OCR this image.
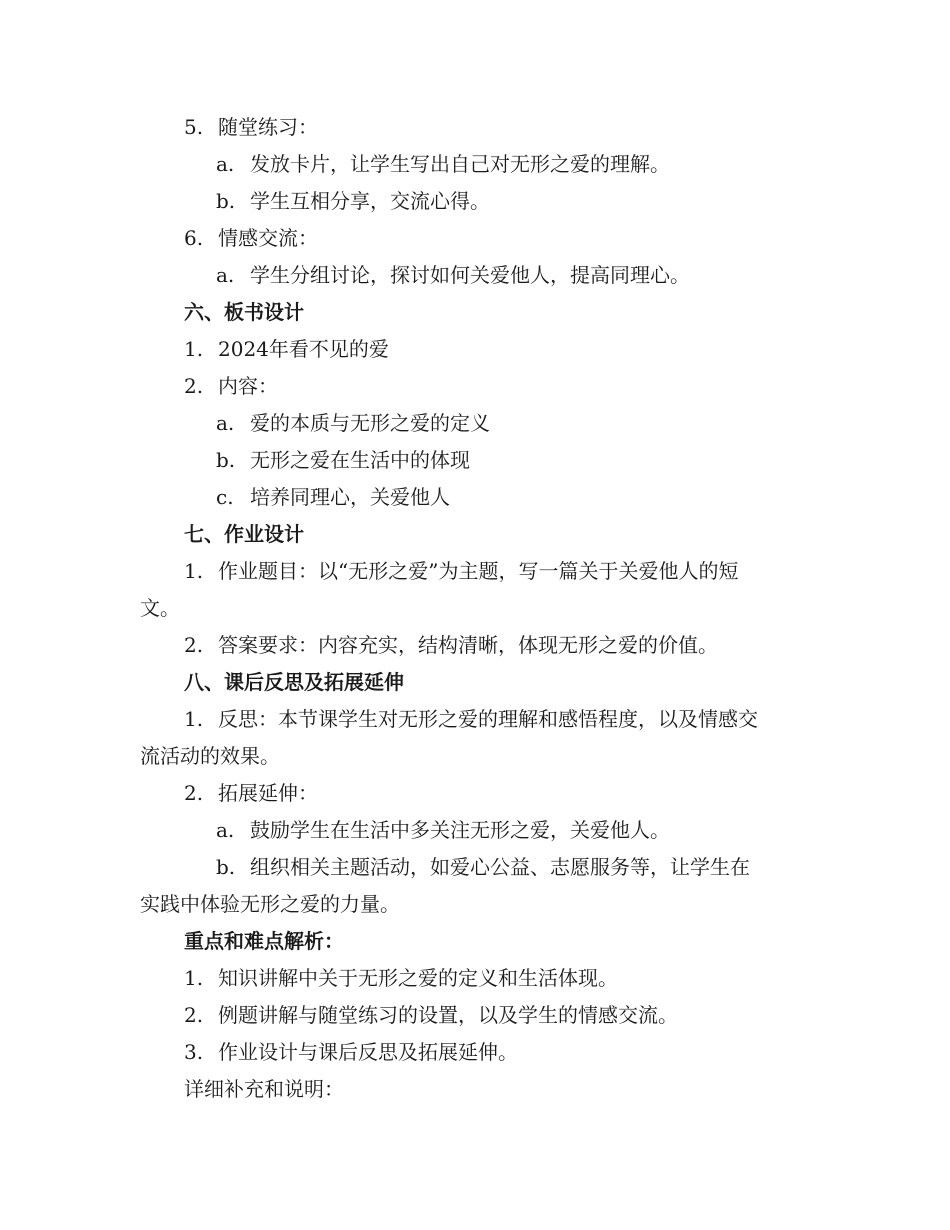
5. 随堂练习：
a. 发放卡片，让学生写出自己对无形之爱的理解。
b. 学生互相分享，交流心得。
6. 情感交流：
a. 学生分组讨论，探讨如何关爱他人，提高同理心。
六、板书设计
1. 2024年看不见的爱
2. 内容：
a. 爱的本质与无形之爱的定义
b. 无形之爱在生活中的体现
c. 培养同理心，关爱他人
七、作业设计
1. 作业题目：以“无形之爱”为主题，写一篇关于关爱他人的短
文。
2. 答案要求：内容充实，结构清晰，体现无形之爱的价值。
八、课后反思及拓展延伸
1. 反思：本节课学生对无形之爱的理解和感悟程度，以及情感交
流活动的效果。
2. 拓展延伸：
a. 鼓励学生在生活中多关注无形之爱，关爱他人。
b. 组织相关主题活动，如爱心公益、志愿服务等，让学生在
实践中体验无形之爱的力量。
重点和难点解析：
1. 知识讲解中关于无形之爱的定义和生活体现。
2. 例题讲解与随堂练习的设置，以及学生的情感交流。
3. 作业设计与课后反思及拓展延伸。
详细补充和说明：
